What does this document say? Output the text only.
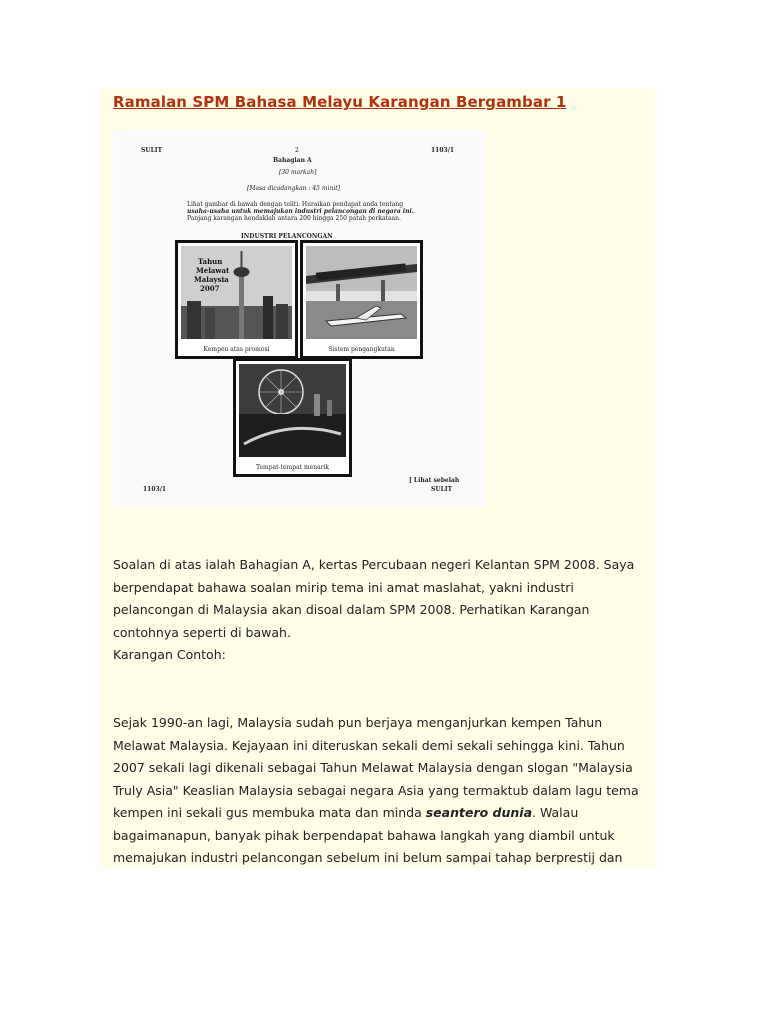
Ramalan SPM Bahasa Melayu Karangan Bergambar 1
SULIT	2	1103/1
Bahagian A
[30 markah]
[Masa dicadangkan : 45 minit]
Lihat gambar di bawah dengan teliti. Huraikan pendapat anda tentang
usaha-usaha untuk memajukan industri pelancongan di negara ini.
Panjang karangan hendaklah antara 200 hingga 250 patah perkataan.
INDUSTRI PELANCONGAN
Tahun
Melawat
Malaysia
2007
Kempen atas promosi	Sistem pengangkutan
Tempat-tempat menarik
[ Lihat sebelah
SULIT
1103/1

Soalan di atas ialah Bahagian A, kertas Percubaan negeri Kelantan SPM 2008. Saya
berpendapat bahawa soalan mirip tema ini amat maslahat, yakni industri
pelancongan di Malaysia akan disoal dalam SPM 2008. Perhatikan Karangan
contohnya seperti di bawah.
Karangan Contoh:

Sejak 1990-an lagi, Malaysia sudah pun berjaya menganjurkan kempen Tahun
Melawat Malaysia. Kejayaan ini diteruskan sekali demi sekali sehingga kini. Tahun
2007 sekali lagi dikenali sebagai Tahun Melawat Malaysia dengan slogan "Malaysia
Truly Asia" Keaslian Malaysia sebagai negara Asia yang termaktub dalam lagu tema
kempen ini sekali gus membuka mata dan minda seantero dunia. Walau
bagaimanapun, banyak pihak berpendapat bahawa langkah yang diambil untuk
memajukan industri pelancongan sebelum ini belum sampai tahap berprestij dan
